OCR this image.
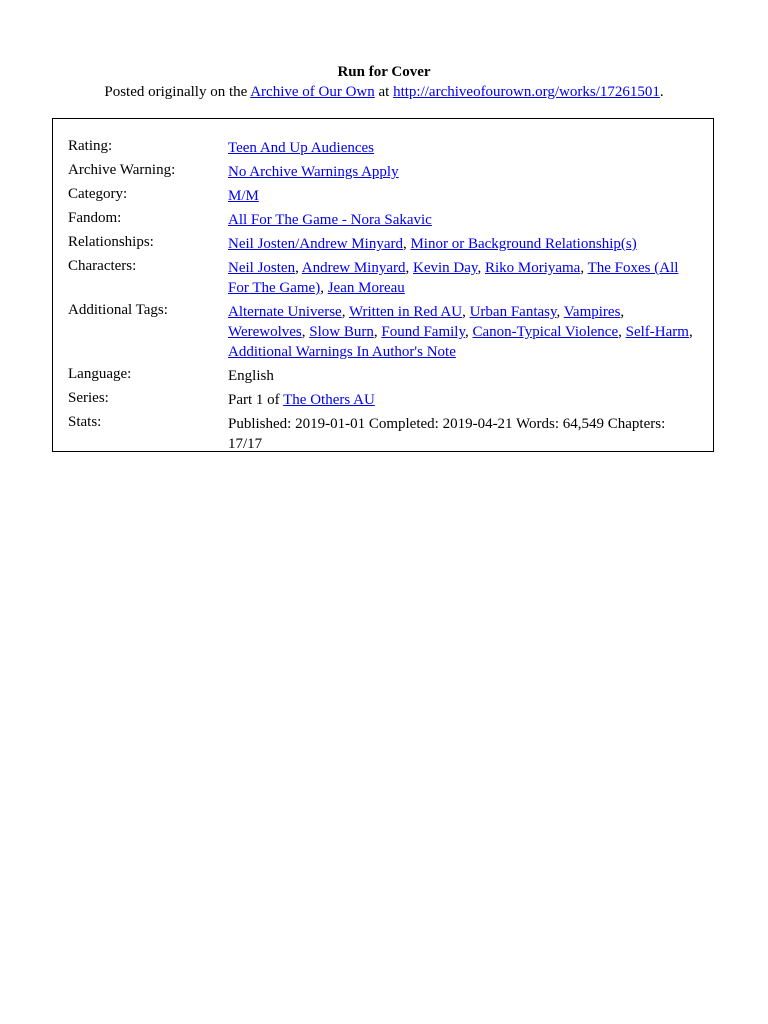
Run for Cover
Posted originally on the Archive of Our Own at http://archiveofourown.org/works/17261501.
Rating:	Teen And Up Audiences
Archive Warning:	No Archive Warnings Apply
Category:	M/M
Fandom:	All For The Game - Nora Sakavic
Relationships:	Neil Josten/Andrew Minyard, Minor or Background Relationship(s)
Characters:	Neil Josten, Andrew Minyard, Kevin Day, Riko Moriyama, The Foxes (All For The Game), Jean Moreau
Additional Tags:	Alternate Universe, Written in Red AU, Urban Fantasy, Vampires, Werewolves, Slow Burn, Found Family, Canon-Typical Violence, Self-Harm, Additional Warnings In Author's Note
Language:	English
Series:	Part 1 of The Others AU
Stats:	Published: 2019-01-01 Completed: 2019-04-21 Words: 64,549 Chapters: 17/17
